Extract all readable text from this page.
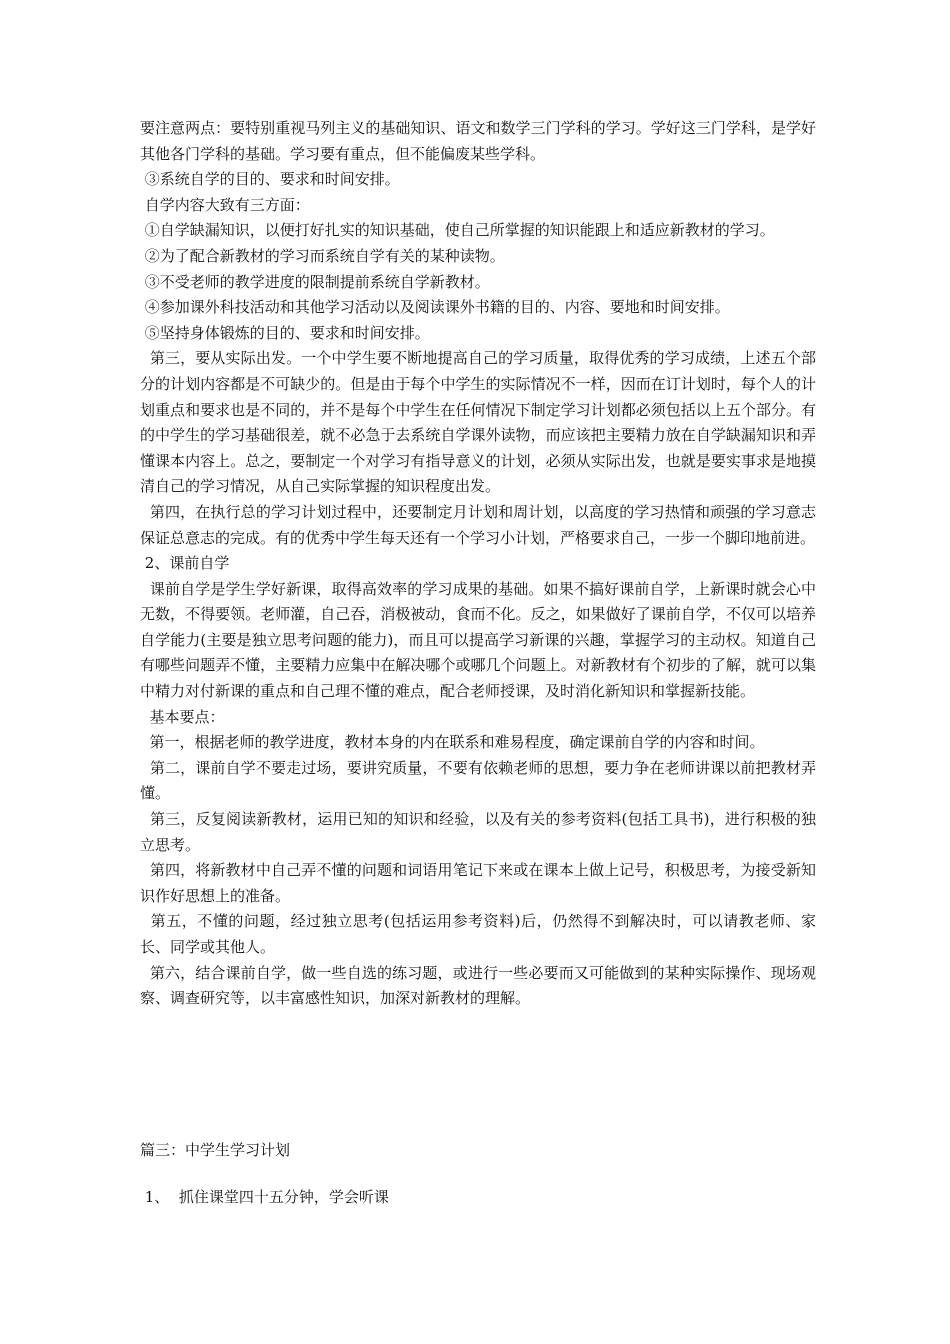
要注意两点：要特别重视马列主义的基础知识、语文和数学三门学科的学习。学好这三门学科，是学好其他各门学科的基础。学习要有重点，但不能偏废某些学科。

③系统自学的目的、要求和时间安排。

自学内容大致有三方面：

①自学缺漏知识，以便打好扎实的知识基础，使自己所掌握的知识能跟上和适应新教材的学习。

②为了配合新教材的学习而系统自学有关的某种读物。

③不受老师的教学进度的限制提前系统自学新教材。

④参加课外科技活动和其他学习活动以及阅读课外书籍的目的、内容、要地和时间安排。

⑤坚持身体锻炼的目的、要求和时间安排。

第三，要从实际出发。一个中学生要不断地提高自己的学习质量，取得优秀的学习成绩，上述五个部分的计划内容都是不可缺少的。但是由于每个中学生的实际情况不一样，因而在订计划时，每个人的计划重点和要求也是不同的，并不是每个中学生在任何情况下制定学习计划都必须包括以上五个部分。有的中学生的学习基础很差，就不必急于去系统自学课外读物，而应该把主要精力放在自学缺漏知识和弄懂课本内容上。总之，要制定一个对学习有指导意义的计划，必须从实际出发，也就是要实事求是地摸清自己的学习情况，从自己实际掌握的知识程度出发。

第四，在执行总的学习计划过程中，还要制定月计划和周计划，以高度的学习热情和顽强的学习意志保证总意志的完成。有的优秀中学生每天还有一个学习小计划，严格要求自己，一步一个脚印地前进。

2、课前自学

课前自学是学生学好新课，取得高效率的学习成果的基础。如果不搞好课前自学，上新课时就会心中无数，不得要领。老师灌，自己吞，消极被动，食而不化。反之，如果做好了课前自学，不仅可以培养自学能力(主要是独立思考问题的能力)，而且可以提高学习新课的兴趣，掌握学习的主动权。知道自己有哪些问题弄不懂，主要精力应集中在解决哪个或哪几个问题上。对新教材有个初步的了解，就可以集中精力对付新课的重点和自己理不懂的难点，配合老师授课，及时消化新知识和掌握新技能。

基本要点：

第一，根据老师的教学进度，教材本身的内在联系和难易程度，确定课前自学的内容和时间。

第二，课前自学不要走过场，要讲究质量，不要有依赖老师的思想，要力争在老师讲课以前把教材弄懂。

第三，反复阅读新教材，运用已知的知识和经验，以及有关的参考资料(包括工具书)，进行积极的独立思考。

第四，将新教材中自己弄不懂的问题和词语用笔记下来或在课本上做上记号，积极思考，为接受新知识作好思想上的准备。

第五，不懂的问题，经过独立思考(包括运用参考资料)后，仍然得不到解决时，可以请教老师、家长、同学或其他人。

第六，结合课前自学，做一些自选的练习题，或进行一些必要而又可能做到的某种实际操作、现场观察、调查研究等，以丰富感性知识，加深对新教材的理解。

篇三：中学生学习计划

1、  抓住课堂四十五分钟，学会听课
